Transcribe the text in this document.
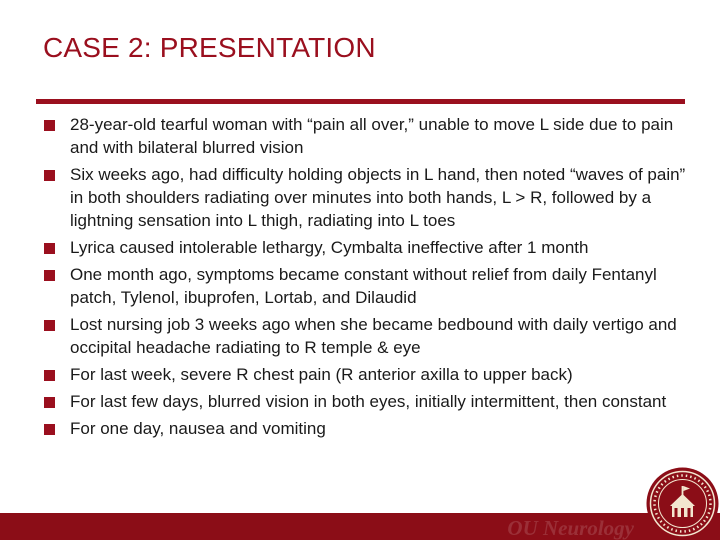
CASE 2: PRESENTATION
28-year-old tearful woman with “pain all over,” unable to move L side due to pain and with bilateral blurred vision
Six weeks ago, had difficulty holding objects in L hand, then noted “waves of pain” in both shoulders radiating over minutes into both hands, L > R, followed by a lightning sensation into L thigh, radiating into L toes
Lyrica caused intolerable lethargy, Cymbalta ineffective after 1 month
One month ago, symptoms became constant without relief from daily Fentanyl patch, Tylenol, ibuprofen, Lortab, and Dilaudid
Lost nursing job 3 weeks ago when she became bedbound with daily vertigo and occipital headache radiating to R temple & eye
For last week, severe R chest pain (R anterior axilla to upper back)
For last few days, blurred vision in both eyes, initially intermittent, then constant
For one day, nausea and vomiting
OU Neurology
